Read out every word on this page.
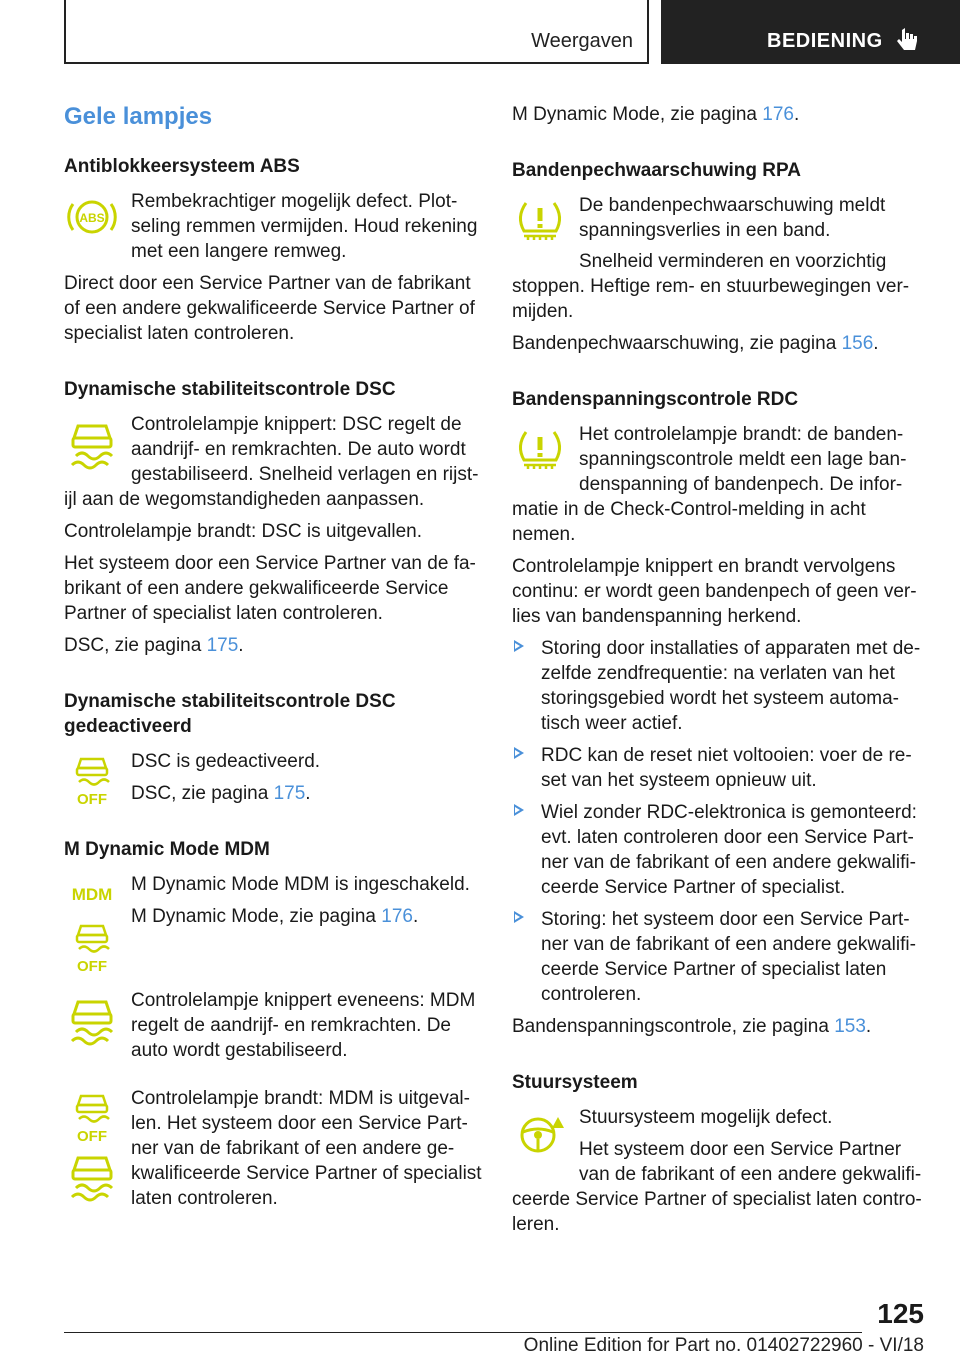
Weergaven	BEDIENING
Gele lampjes
Antiblokkeersysteem ABS
ABS

Rembekrachtiger mogelijk defect. Plot- seling remmen vermijden. Houd rekening met een langere remweg.

Direct door een Service Partner van de fabrikant of een andere gekwalificeerde Service Partner of specialist laten controleren.
Dynamische stabiliteitscontrole DSC

Controlelampje knippert: DSC regelt de aandrijf- en remkrachten. De auto wordt gestabiliseerd. Snelheid verlagen en rijst- ijl aan de wegomstandigheden aanpassen.

Controlelampje brandt: DSC is uitgevallen.
Het systeem door een Service Partner van de fa- brikant of een andere gekwalificeerde Service Partner of specialist laten controleren.
DSC, zie pagina 175.
Dynamische stabiliteitscontrole DSC gedeactiveerd
OFF

DSC is gedeactiveerd.

DSC, zie pagina 175.

M Dynamic Mode MDM
MDM
OFF

M Dynamic Mode MDM is ingeschakeld.

M Dynamic Mode, zie pagina 176.

Controlelampje knippert eveneens: MDM regelt de aandrijf- en remkrachten. De auto wordt gestabiliseerd.

OFF

Controlelampje brandt: MDM is uitgeval- len. Het systeem door een Service Part- ner van de fabrikant of een andere ge- kwalificeerde Service Partner of specialist laten controleren.

M Dynamic Mode, zie pagina 176.
Bandenpechwaarschuwing RPA

De bandenpechwaarschuwing meldt spanningsverlies in een band.

Snelheid verminderen en voorzichtig stoppen. Heftige rem- en stuurbewegingen ver- mijden.
Bandenpechwaarschuwing, zie pagina 156.
Bandenspanningscontrole RDC

Het controlelampje brandt: de banden- spanningscontrole meldt een lage ban- denspanning of bandenpech. De infor- matie in de Check-Control-melding in acht nemen.

Controlelampje knippert en brandt vervolgens continu: er wordt geen bandenpech of geen ver- lies van bandenspanning herkend.
Storing door installaties of apparaten met de- zelfde zendfrequentie: na verlaten van het storingsgebied wordt het systeem automa- tisch weer actief.
RDC kan de reset niet voltooien: voer de re- set van het systeem opnieuw uit.
Wiel zonder RDC-elektronica is gemonteerd: evt. laten controleren door een Service Part- ner van de fabrikant of een andere gekwalifi- ceerde Service Partner of specialist.
Storing: het systeem door een Service Part- ner van de fabrikant of een andere gekwalifi- ceerde Service Partner of specialist laten controleren.
Bandenspanningscontrole, zie pagina 153.
Stuursysteem

Stuursysteem mogelijk defect.

Het systeem door een Service Partner van de fabrikant of een andere gekwalifi- ceerde Service Partner of specialist laten contro- leren.

125
Online Edition for Part no. 01402722960 - VI/18
